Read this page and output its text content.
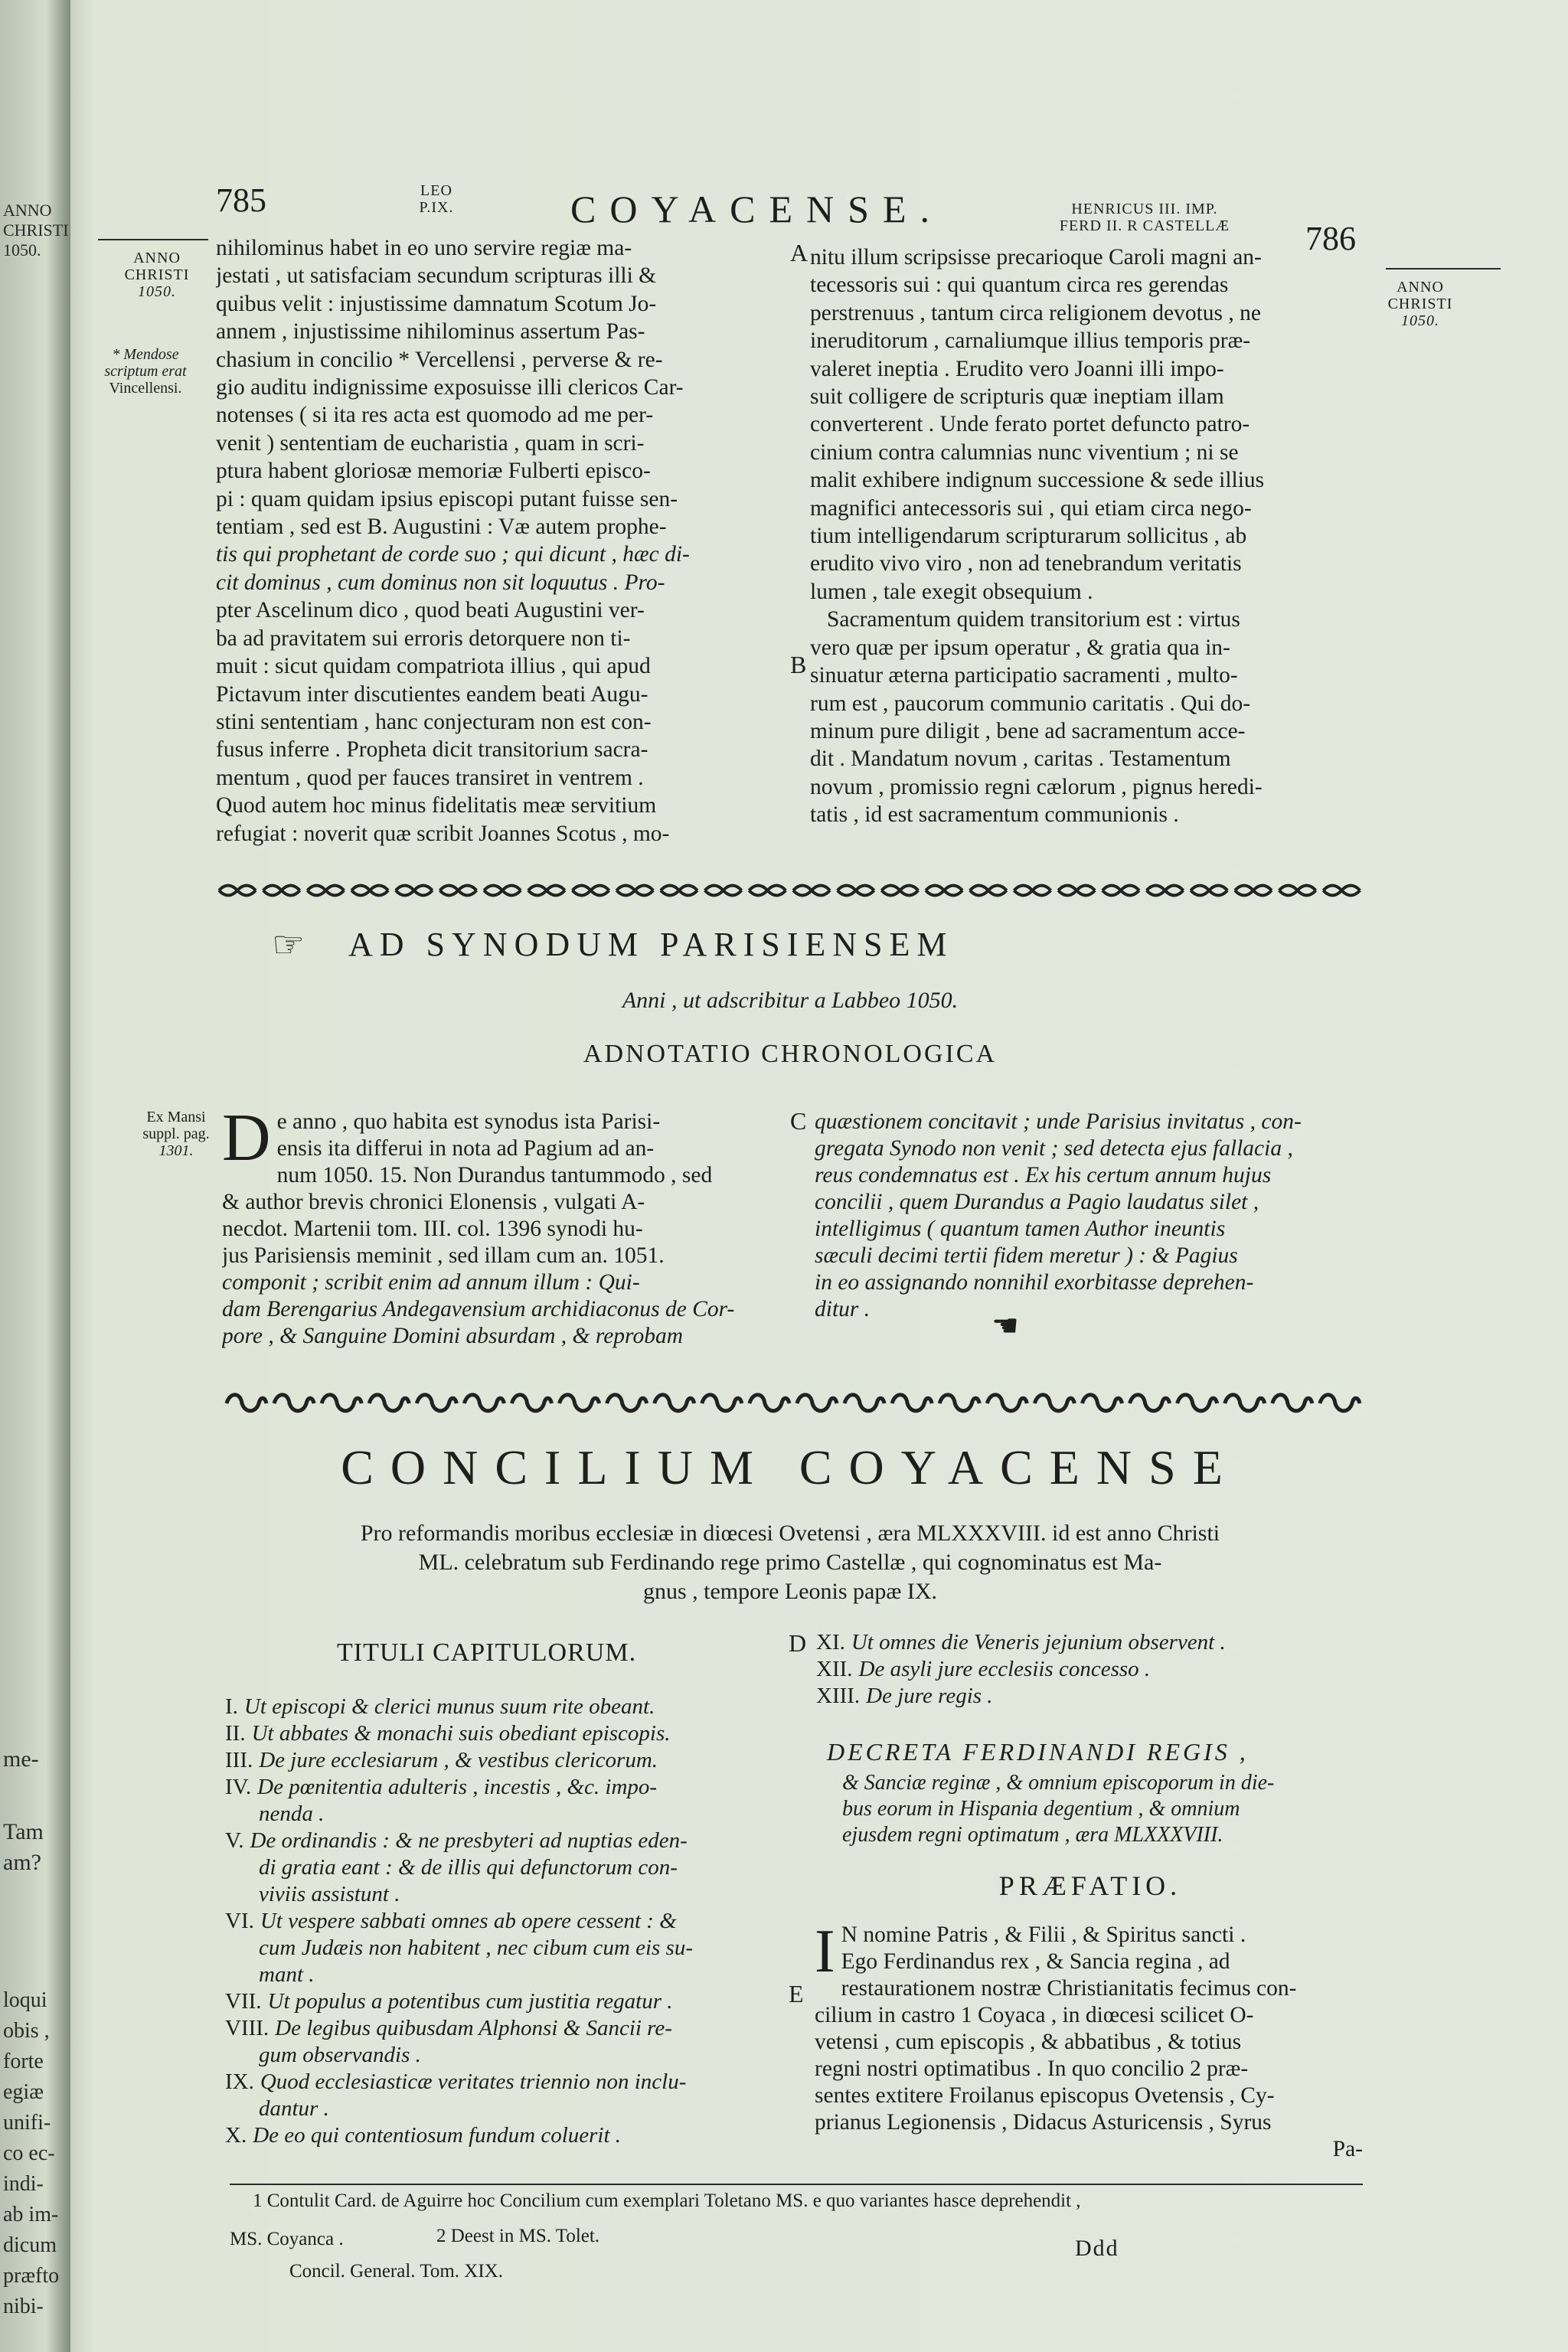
ANNO
CHRISTI
1050.
me-
Tam
am?
loqui
obis ,
forte
egiæ
unifi-
co ec-
indi-
ab im-
dicum
præfto
nibi-
785	LEO
P.IX.	COYACENSE.	HENRICUS III. IMP.
FERD II. R CASTELLÆ	786
ANNO
CHRISTI
1050.	ANNO
CHRISTI
1050.
* Mendose
scriptum erat
Vincellensi.
nihilominus habet in eo uno servire regiæ ma-
jestati , ut satisfaciam secundum scripturas illi &
quibus velit : injustissime damnatum Scotum Jo-
annem , injustissime nihilominus assertum Pas-
chasium in concilio * Vercellensi , perverse & re-
gio auditu indignissime exposuisse illi clericos Car-
notenses ( si ita res acta est quomodo ad me per-
venit ) sententiam de eucharistia , quam in scri-
ptura habent gloriosæ memoriæ Fulberti episco-
pi : quam quidam ipsius episcopi putant fuisse sen-
tentiam , sed est B. Augustini : Væ autem prophe-
tis qui prophetant de corde suo ; qui dicunt , hæc di-
cit dominus , cum dominus non sit loquutus . Pro-
pter Ascelinum dico , quod beati Augustini ver-
ba ad pravitatem sui erroris detorquere non ti-
muit : sicut quidam compatriota illius , qui apud
Pictavum inter discutientes eandem beati Augu-
stini sententiam , hanc conjecturam non est con-
fusus inferre . Propheta dicit transitorium sacra-
mentum , quod per fauces transiret in ventrem .
Quod autem hoc minus fidelitatis meæ servitium
refugiat : noverit quæ scribit Joannes Scotus , mo-
nitu illum scripsisse precarioque Caroli magni an-
tecessoris sui : qui quantum circa res gerendas
perstrenuus , tantum circa religionem devotus , ne
ineruditorum , carnaliumque illius temporis præ-
valeret ineptia . Erudito vero Joanni illi impo-
suit colligere de scripturis quæ ineptiam illam
converterent . Unde ferato portet defuncto patro-
cinium contra calumnias nunc viventium ; ni se
malit exhibere indignum successione & sede illius
magnifici antecessoris sui , qui etiam circa nego-
tium intelligendarum scripturarum sollicitus , ab
erudito vivo viro , non ad tenebrandum veritatis
lumen , tale exegit obsequium .
Sacramentum quidem transitorium est : virtus
vero quæ per ipsum operatur , & gratia qua in-
sinuatur æterna participatio sacramenti , multo-
rum est , paucorum communio caritatis . Qui do-
minum pure diligit , bene ad sacramentum acce-
dit . Mandatum novum , caritas . Testamentum
novum , promissio regni cælorum , pignus heredi-
tatis , id est sacramentum communionis .
A
B
☞ AD SYNODUM PARISIENSEM
Anni , ut adscribitur a Labbeo 1050.
ADNOTATIO CHRONOLOGICA
Ex Mansi
suppl. pag.
1301. D e anno , quo habita est synodus ista Parisi-
ensis ita differui in nota ad Pagium ad an-
num 1050. 15. Non Durandus tantummodo , sed
& author brevis chronici Elonensis , vulgati A-
necdot. Martenii tom. III. col. 1396 synodi hu-
jus Parisiensis meminit , sed illam cum an. 1051.
componit ; scribit enim ad annum illum : Qui-
dam Berengarius Andegavensium archidiaconus de Cor-
pore , & Sanguine Domini absurdam , & reprobam
quæstionem concitavit ; unde Parisius invitatus , con-
gregata Synodo non venit ; sed detecta ejus fallacia ,
reus condemnatus est . Ex his certum annum hujus
concilii , quem Durandus a Pagio laudatus silet ,
intelligimus ( quantum tamen Author ineuntis
sæculi decimi tertii fidem meretur ) : & Pagius
in eo assignando nonnihil exorbitasse deprehen-
ditur .
C
☚
CONCILIUM COYACENSE
Pro reformandis moribus ecclesiæ in diœcesi Ovetensi , æra MLXXXVIII. id est anno Christi
ML. celebratum sub Ferdinando rege primo Castellæ , qui cognominatus est Ma-
gnus , tempore Leonis papæ IX.
TITULI CAPITULORUM.
I. Ut episcopi & clerici munus suum rite obeant.
II. Ut abbates & monachi suis obediant episcopis.
III. De jure ecclesiarum , & vestibus clericorum.
IV. De pœnitentia adulteris , incestis , &c. impo-
nenda .
V. De ordinandis : & ne presbyteri ad nuptias eden-
di gratia eant : & de illis qui defunctorum con-
viviis assistunt .
VI. Ut vespere sabbati omnes ab opere cessent : &
cum Judæis non habitent , nec cibum cum eis su-
mant .
VII. Ut populus a potentibus cum justitia regatur .
VIII. De legibus quibusdam Alphonsi & Sancii re-
gum observandis .
IX. Quod ecclesiasticæ veritates triennio non inclu-
dantur .
X. De eo qui contentiosum fundum coluerit .
D XI. Ut omnes die Veneris jejunium observent .
XII. De asyli jure ecclesiis concesso .
XIII. De jure regis .
DECRETA FERDINANDI REGIS ,
& Sanciæ reginæ , & omnium episcoporum in die-
bus eorum in Hispania degentium , & omnium
ejusdem regni optimatum , æra MLXXXVIII.
PRÆFATIO.
E
I N nomine Patris , & Filii , & Spiritus sancti .
Ego Ferdinandus rex , & Sancia regina , ad
restaurationem nostræ Christianitatis fecimus con-
cilium in castro 1 Coyaca , in diœcesi scilicet O-
vetensi , cum episcopis , & abbatibus , & totius
regni nostri optimatibus . In quo concilio 2 præ-
sentes extitere Froilanus episcopus Ovetensis , Cy-
prianus Legionensis , Didacus Asturicensis , Syrus
Pa-
1 Contulit Card. de Aguirre hoc Concilium cum exemplari Toletano MS. e quo variantes hasce deprehendit ,
MS. Coyanca .	2 Deest in MS. Tolet.	Ddd
Concil. General. Tom. XIX.
